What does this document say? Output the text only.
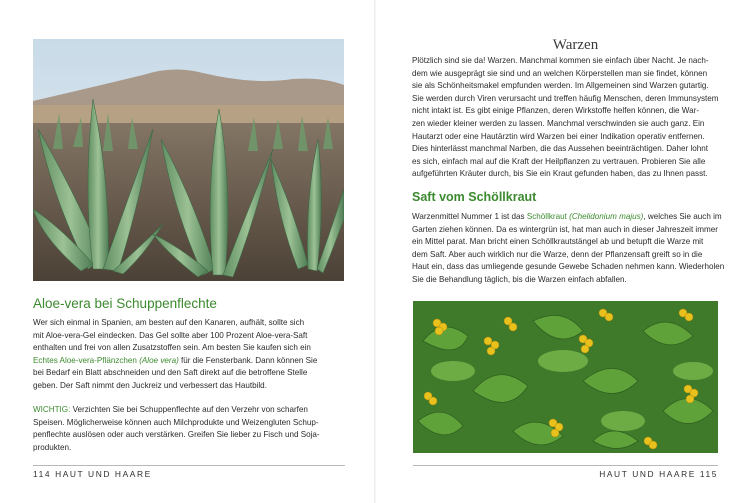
Aloe-vera bei Schuppenflechte
Wer sich einmal in Spanien, am besten auf den Kanaren, aufhält, sollte sich
mit Aloe-vera-Gel eindecken. Das Gel sollte aber 100 Prozent Aloe-vera-Saft
enthalten und frei von allen Zusatzstoffen sein. Am besten Sie kaufen sich ein
Echtes Aloe-vera-Pflänzchen (Aloe vera) für die Fensterbank. Dann können Sie
bei Bedarf ein Blatt abschneiden und den Saft direkt auf die betroffene Stelle
geben. Der Saft nimmt den Juckreiz und verbessert das Hautbild.
WICHTIG: Verzichten Sie bei Schuppenflechte auf den Verzehr von scharfen
Speisen. Möglicherweise können auch Milchprodukte und Weizengluten Schup-
penflechte auslösen oder auch verstärken. Greifen Sie lieber zu Fisch und Soja-
produkten.
114 HAUT UND HAARE
Warzen
Plötzlich sind sie da! Warzen. Manchmal kommen sie einfach über Nacht. Je nach-
dem wie ausgeprägt sie sind und an welchen Körperstellen man sie findet, können
sie als Schönheitsmakel empfunden werden. Im Allgemeinen sind Warzen gutartig.
Sie werden durch Viren verursacht und treffen häufig Menschen, deren Immunsystem
nicht intakt ist. Es gibt einige Pflanzen, deren Wirkstoffe helfen können, die War-
zen wieder kleiner werden zu lassen. Manchmal verschwinden sie auch ganz. Ein
Hautarzt oder eine Hautärztin wird Warzen bei einer Indikation operativ entfernen.
Dies hinterlässt manchmal Narben, die das Aussehen beeinträchtigen. Daher lohnt
es sich, einfach mal auf die Kraft der Heilpflanzen zu vertrauen. Probieren Sie alle
aufgeführten Kräuter durch, bis Sie ein Kraut gefunden haben, das zu Ihnen passt.
Saft vom Schöllkraut
Warzenmittel Nummer 1 ist das Schöllkraut (Chelidonium majus), welches Sie auch im
Garten ziehen können. Da es wintergrün ist, hat man auch in dieser Jahreszeit immer
ein Mittel parat. Man bricht einen Schöllkrautstängel ab und betupft die Warze mit
dem Saft. Aber auch wirklich nur die Warze, denn der Pflanzensaft greift so in die
Haut ein, dass das umliegende gesunde Gewebe Schaden nehmen kann. Wiederholen
Sie die Behandlung täglich, bis die Warzen einfach abfallen.
HAUT UND HAARE 115
